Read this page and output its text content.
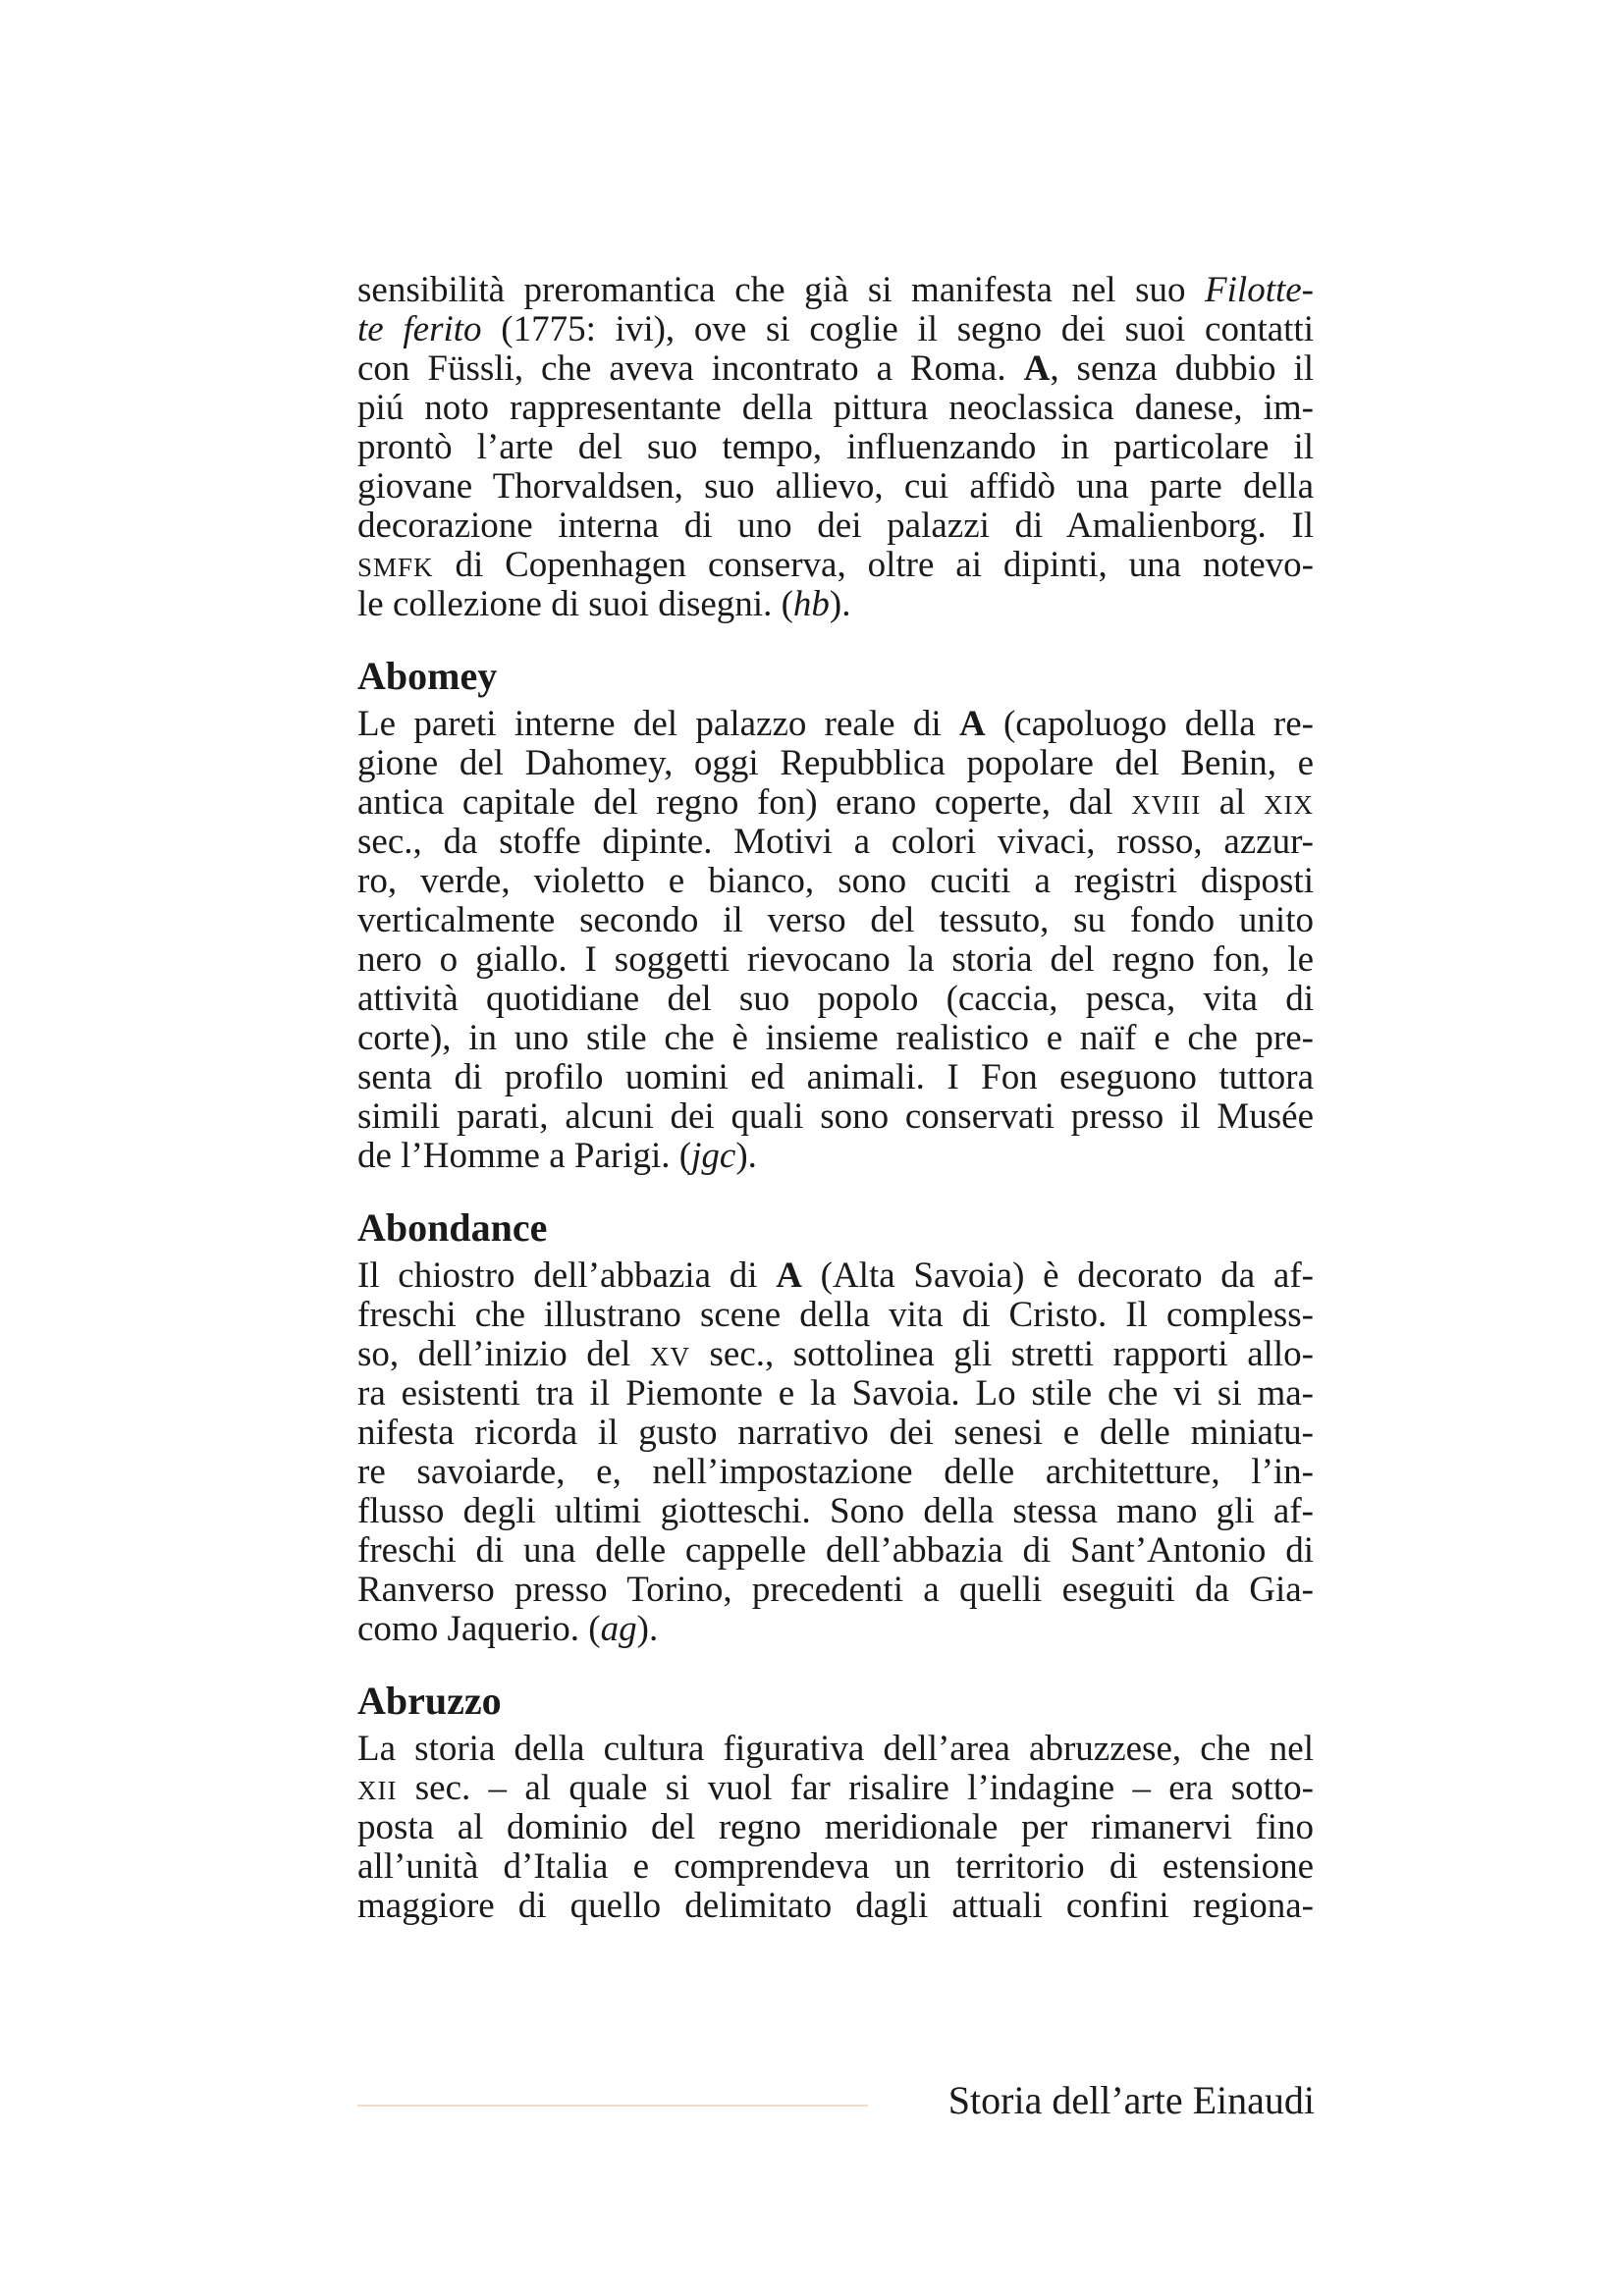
sensibilità preromantica che già si manifesta nel suo Filotte-
te ferito (1775: ivi), ove si coglie il segno dei suoi contatti
con Füssli, che aveva incontrato a Roma. A, senza dubbio il
piú noto rappresentante della pittura neoclassica danese, im-
prontò l’arte del suo tempo, influenzando in particolare il
giovane Thorvaldsen, suo allievo, cui affidò una parte della
decorazione interna di uno dei palazzi di Amalienborg. Il
SMFK di Copenhagen conserva, oltre ai dipinti, una notevo-
le collezione di suoi disegni. (hb).
Abomey
Le pareti interne del palazzo reale di A (capoluogo della re-
gione del Dahomey, oggi Repubblica popolare del Benin, e
antica capitale del regno fon) erano coperte, dal XVIII al XIX
sec., da stoffe dipinte. Motivi a colori vivaci, rosso, azzur-
ro, verde, violetto e bianco, sono cuciti a registri disposti
verticalmente secondo il verso del tessuto, su fondo unito
nero o giallo. I soggetti rievocano la storia del regno fon, le
attività quotidiane del suo popolo (caccia, pesca, vita di
corte), in uno stile che è insieme realistico e naïf e che pre-
senta di profilo uomini ed animali. I Fon eseguono tuttora
simili parati, alcuni dei quali sono conservati presso il Musée
de l’Homme a Parigi. (jgc).
Abondance
Il chiostro dell’abbazia di A (Alta Savoia) è decorato da af-
freschi che illustrano scene della vita di Cristo. Il compless-
so, dell’inizio del XV sec., sottolinea gli stretti rapporti allo-
ra esistenti tra il Piemonte e la Savoia. Lo stile che vi si ma-
nifesta ricorda il gusto narrativo dei senesi e delle miniatu-
re savoiarde, e, nell’impostazione delle architetture, l’in-
flusso degli ultimi giotteschi. Sono della stessa mano gli af-
freschi di una delle cappelle dell’abbazia di Sant’Antonio di
Ranverso presso Torino, precedenti a quelli eseguiti da Gia-
como Jaquerio. (ag).
Abruzzo
La storia della cultura figurativa dell’area abruzzese, che nel
XII sec. – al quale si vuol far risalire l’indagine – era sotto-
posta al dominio del regno meridionale per rimanervi fino
all’unità d’Italia e comprendeva un territorio di estensione
maggiore di quello delimitato dagli attuali confini regiona-
Storia dell’arte Einaudi
